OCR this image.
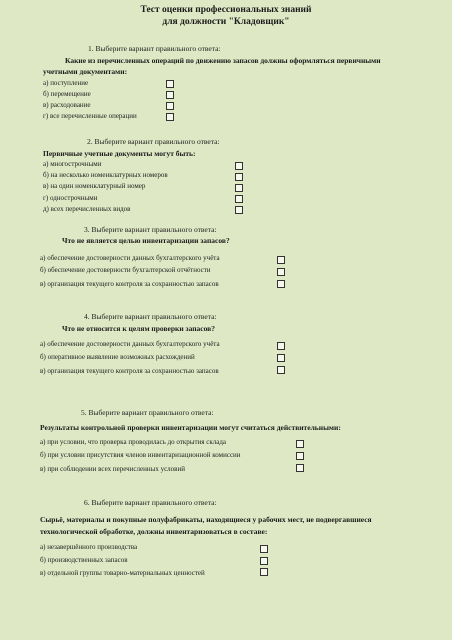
Тест оценки профессиональных знаний
для должности "Кладовщик"
1. Выберите вариант правильного ответа:
Какие из перечисленных операций по движению запасов должны оформляться первичными
учетными документами:
а) поступление
б) перемещение
в) расходование
г) все перечисленные операции
2. Выберите вариант правильного ответа:
Первичные учетные документы могут быть:
а) многострочными
б) на несколько номенклатурных номеров
в) на один номенклатурный номер
г) однострочными
д) всех перечисленных видов
3. Выберите вариант правильного ответа:
Что не является целью инвентаризации запасов?
а) обеспечение достоверности данных бухгалтерского учёта
б) обеспечение достоверности бухгалтерской отчётности
в) организация текущего контроля за сохранностью запасов
4. Выберите вариант правильного ответа:
Что не относится к целям проверки запасов?
а) обеспечение достоверности данных бухгалтерского учёта
б) оперативное выявление возможных расхождений
в) организация текущего контроля за сохранностью запасов
5. Выберите вариант правильного ответа:
Результаты контрольной проверки инвентаризации могут считаться действительными:
а) при условии, что проверка проводилась до открытия склада
б) при условии присутствия членов инвентаризационной комиссии
в) при соблюдении всех перечисленных условий
6. Выберите вариант правильного ответа:
Сырьё, материалы и покупные полуфабрикаты, находящиеся у рабочих мест, не подвергавшиеся
технологической обработке, должны инвентаризоваться в составе:
а) незавершённого производства
б) производственных запасов
в) отдельной группы товарно-материальных ценностей
